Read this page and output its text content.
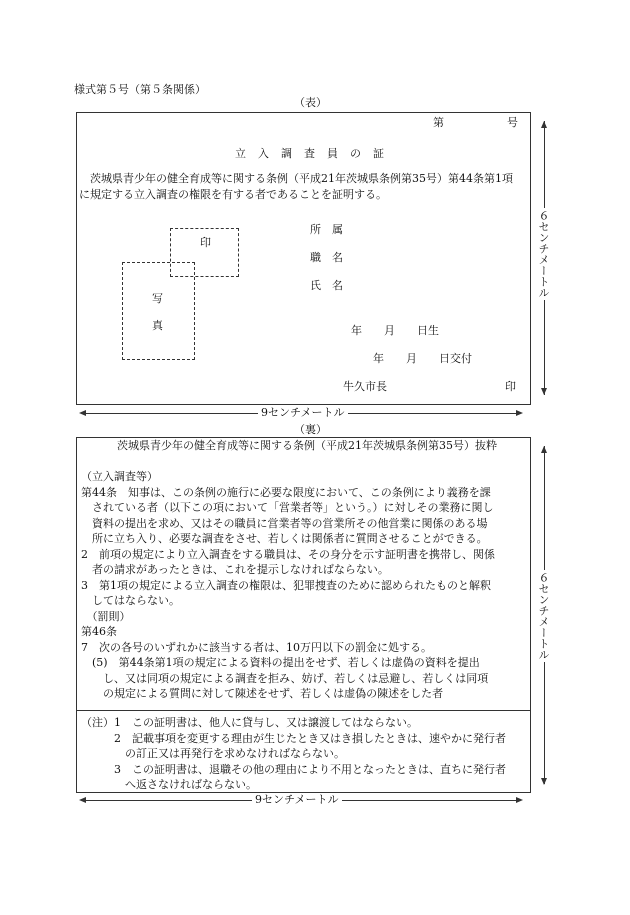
様式第５号（第５条関係）
（表）
第	号
立入調査員の証
　茨城県青少年の健全育成等に関する条例（平成21年茨城県条例第35号）第44条第1項
に規定する立入調査の権限を有する者であることを証明する。
印
写
真
所　属
職　名
氏　名
年　　月　　日生
年　　月　　日交付
牛久市長	印
６センチメートル
9センチメートル
（裏）
茨城県青少年の健全育成等に関する条例（平成21年茨城県条例第35号）抜粋
（立入調査等）
第44条　知事は、この条例の施行に必要な限度において、この条例により義務を課
　されている者（以下この項において「営業者等」という。）に対しその業務に関し
　資料の提出を求め、又はその職員に営業者等の営業所その他営業に関係のある場
　所に立ち入り、必要な調査をさせ、若しくは関係者に質問させることができる。
2　前項の規定により立入調査をする職員は、その身分を示す証明書を携帯し、関係
　者の請求があったときは、これを提示しなければならない。
3　第1項の規定による立入調査の権限は、犯罪捜査のために認められたものと解釈
　してはならない。
　（罰則）
第46条
7　次の各号のいずれかに該当する者は、10万円以下の罰金に処する。
　(5)　第44条第1項の規定による資料の提出をせず、若しくは虚偽の資料を提出
　　し、又は同項の規定による調査を拒み、妨げ、若しくは忌避し、若しくは同項
　　の規定による質問に対して陳述をせず、若しくは虚偽の陳述をした者
（注）1　この証明書は、他人に貸与し、又は譲渡してはならない。
　　　2　記載事項を変更する理由が生じたとき又はき損したときは、速やかに発行者
　　　　の訂正又は再発行を求めなければならない。
　　　3　この証明書は、退職その他の理由により不用となったときは、直ちに発行者
　　　　へ返さなければならない。
６センチメートル
9センチメートル
